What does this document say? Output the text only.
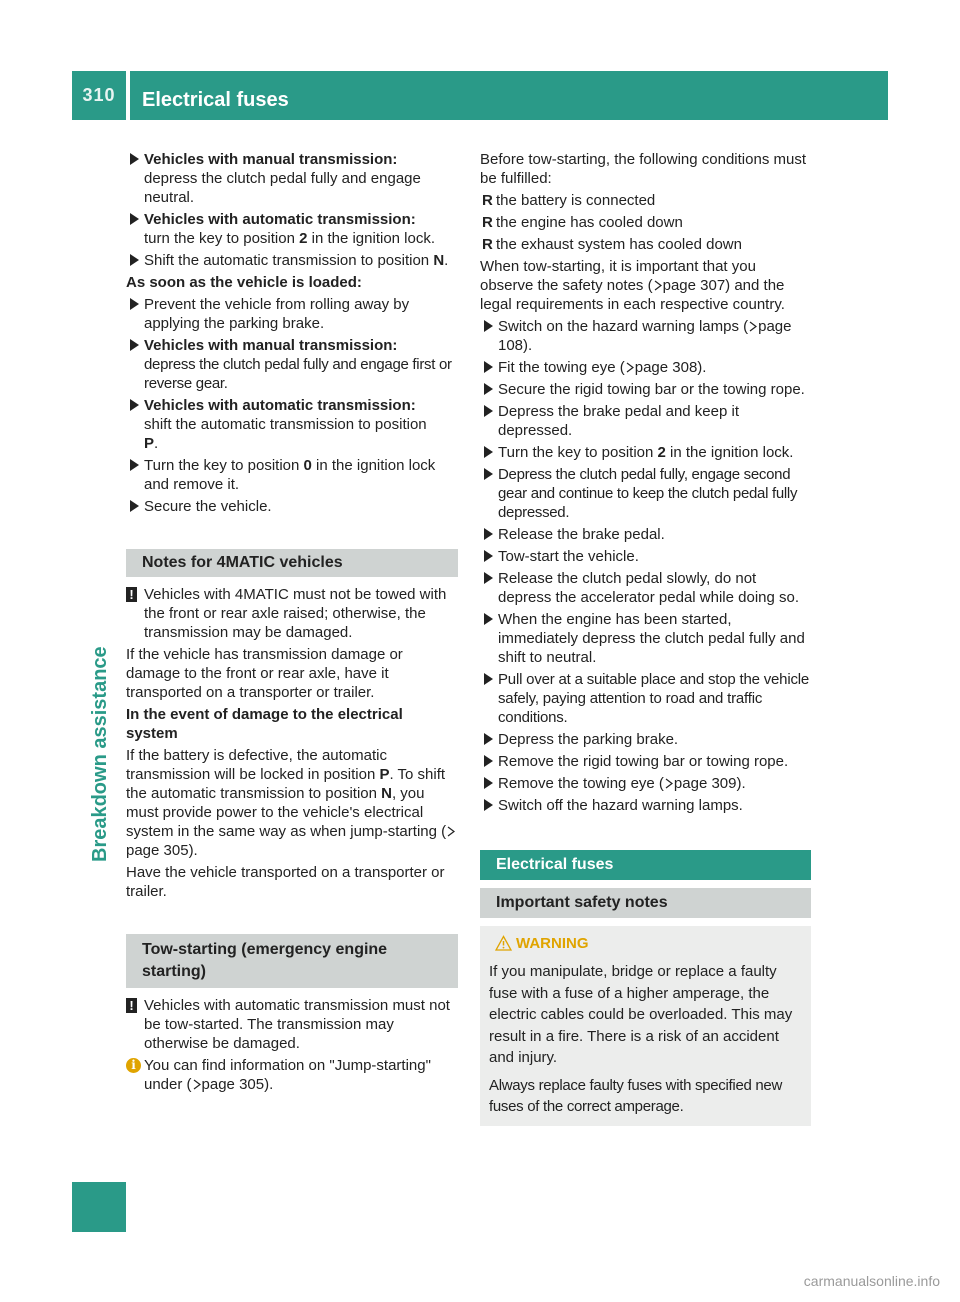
310	Electrical fuses
Breakdown assistance
Vehicles with manual transmission:
depress the clutch pedal fully and engage neutral.
Vehicles with automatic transmission:
turn the key to position 2 in the ignition lock.
Shift the automatic transmission to position N.
As soon as the vehicle is loaded:
Prevent the vehicle from rolling away by applying the parking brake.
Vehicles with manual transmission:
depress the clutch pedal fully and engage first or reverse gear.
Vehicles with automatic transmission:
shift the automatic transmission to position
P.
Turn the key to position 0 in the ignition lock and remove it.
Secure the vehicle.
Notes for 4MATIC vehicles
! Vehicles with 4MATIC must not be towed with the front or rear axle raised; otherwise, the transmission may be damaged.

If the vehicle has transmission damage or damage to the front or rear axle, have it transported on a transporter or trailer.

In the event of damage to the electrical system

If the battery is defective, the automatic transmission will be locked in position P. To shift the automatic transmission to position N, you must provide power to the vehicle's electrical system in the same way as when jump-starting (page 305).

Have the vehicle transported on a transporter or trailer.

Tow-starting (emergency engine starting)
! Vehicles with automatic transmission must not be tow-started. The transmission may otherwise be damaged.
i You can find information on "Jump-starting" under ( page 305).

Before tow-starting, the following conditions must be fulfilled:

R the battery is connected
R the engine has cooled down
R the exhaust system has cooled down

When tow-starting, it is important that you observe the safety notes ( page 307) and the legal requirements in each respective country.

Switch on the hazard warning lamps ( page 108).
Fit the towing eye ( page 308).
Secure the rigid towing bar or the towing rope.
Depress the brake pedal and keep it depressed.
Turn the key to position 2 in the ignition lock.
Depress the clutch pedal fully, engage second gear and continue to keep the clutch pedal fully depressed.
Release the brake pedal.
Tow-start the vehicle.
Release the clutch pedal slowly, do not depress the accelerator pedal while doing so.
When the engine has been started, immediately depress the clutch pedal fully and shift to neutral.
Pull over at a suitable place and stop the vehicle safely, paying attention to road and traffic conditions.
Depress the parking brake.
Remove the rigid towing bar or towing rope.
Remove the towing eye ( page 309).
Switch off the hazard warning lamps.
Electrical fuses
Important safety notes
WARNING

If you manipulate, bridge or replace a faulty fuse with a fuse of a higher amperage, the electric cables could be overloaded. This may result in a fire. There is a risk of an accident and injury.

Always replace faulty fuses with specified new fuses of the correct amperage.

carmanualsonline.info
